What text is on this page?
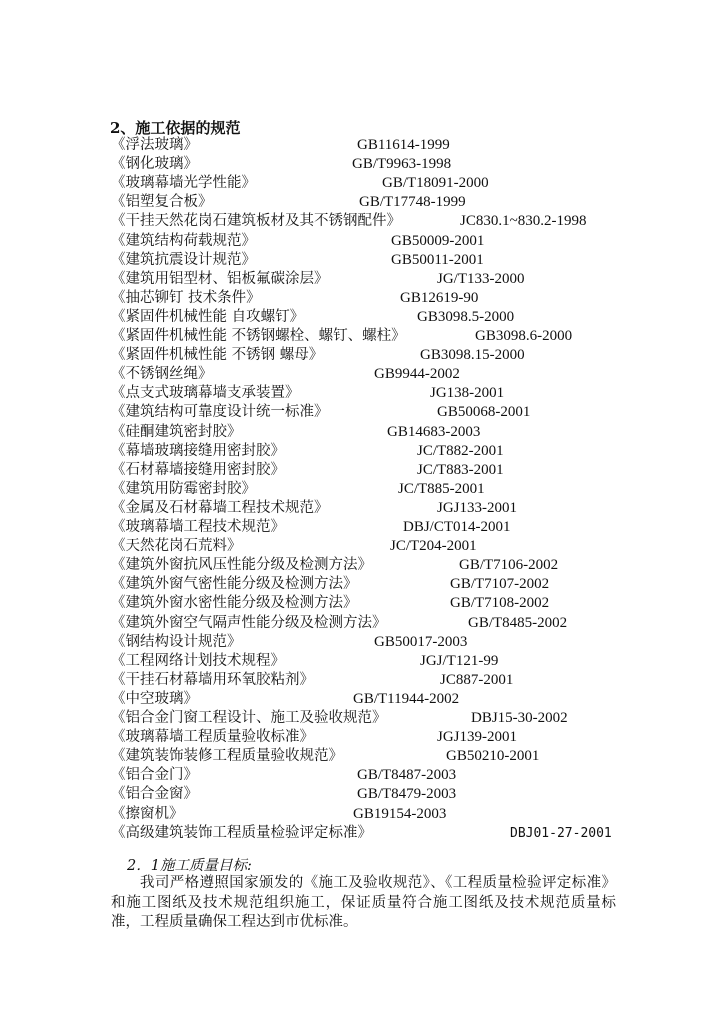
2、施工依据的规范
《浮法玻璃》	GB11614-1999
《钢化玻璃》	GB/T9963-1998
《玻璃幕墙光学性能》	GB/T18091-2000
《铝塑复合板》	GB/T17748-1999
《干挂天然花岗石建筑板材及其不锈钢配件》	JC830.1~830.2-1998
《建筑结构荷载规范》	GB50009-2001
《建筑抗震设计规范》	GB50011-2001
《建筑用铝型材、铝板氟碳涂层》	JG/T133-2000
《抽芯铆钉 技术条件》	GB12619-90
《紧固件机械性能 自攻螺钉》	GB3098.5-2000
《紧固件机械性能 不锈钢螺栓、螺钉、螺柱》	GB3098.6-2000
《紧固件机械性能 不锈钢 螺母》	GB3098.15-2000
《不锈钢丝绳》	GB9944-2002
《点支式玻璃幕墙支承装置》	JG138-2001
《建筑结构可靠度设计统一标准》	GB50068-2001
《硅酮建筑密封胶》	GB14683-2003
《幕墙玻璃接缝用密封胶》	JC/T882-2001
《石材幕墙接缝用密封胶》	JC/T883-2001
《建筑用防霉密封胶》	JC/T885-2001
《金属及石材幕墙工程技术规范》	JGJ133-2001
《玻璃幕墙工程技术规范》	DBJ/CT014-2001
《天然花岗石荒料》	JC/T204-2001
《建筑外窗抗风压性能分级及检测方法》	GB/T7106-2002
《建筑外窗气密性能分级及检测方法》	GB/T7107-2002
《建筑外窗水密性能分级及检测方法》	GB/T7108-2002
《建筑外窗空气隔声性能分级及检测方法》	GB/T8485-2002
《钢结构设计规范》	GB50017-2003
《工程网络计划技术规程》	JGJ/T121-99
《干挂石材幕墙用环氧胶粘剂》	JC887-2001
《中空玻璃》	GB/T11944-2002
《铝合金门窗工程设计、施工及验收规范》	DBJ15-30-2002
《玻璃幕墙工程质量验收标准》	JGJ139-2001
《建筑装饰装修工程质量验收规范》	GB50210-2001
《铝合金门》	GB/T8487-2003
《铝合金窗》	GB/T8479-2003
《擦窗机》	GB19154-2003
《高级建筑装饰工程质量检验评定标准》	DBJ01-27-2001
2．1施工质量目标:
我司严格遵照国家颁发的《施工及验收规范》、《工程质量检验评定标准》和施工图纸及技术规范组织施工，保证质量符合施工图纸及技术规范质量标准，工程质量确保工程达到市优标准。
